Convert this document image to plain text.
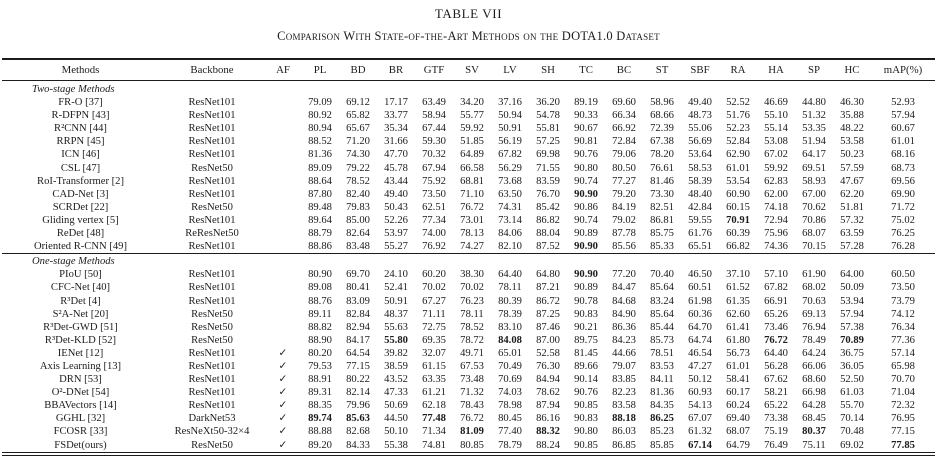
TABLE VII
Comparison With State-of-the-Art Methods on the DOTA1.0 Dataset
Methods	Backbone	AF	PL	BD	BR	GTF	SV	LV	SH	TC	BC	ST	SBF	RA	HA	SP	HC	mAP(%)
Two-stage Methods																		
FR-O [37]	ResNet101		79.09	69.12	17.17	63.49	34.20	37.16	36.20	89.19	69.60	58.96	49.40	52.52	46.69	44.80	46.30	52.93
R-DFPN [43]	ResNet101		80.92	65.82	33.77	58.94	55.77	50.94	54.78	90.33	66.34	68.66	48.73	51.76	55.10	51.32	35.88	57.94
R²CNN [44]	ResNet101		80.94	65.67	35.34	67.44	59.92	50.91	55.81	90.67	66.92	72.39	55.06	52.23	55.14	53.35	48.22	60.67
RRPN [45]	ResNet101		88.52	71.20	31.66	59.30	51.85	56.19	57.25	90.81	72.84	67.38	56.69	52.84	53.08	51.94	53.58	61.01
ICN [46]	ResNet101		81.36	74.30	47.70	70.32	64.89	67.82	69.98	90.76	79.06	78.20	53.64	62.90	67.02	64.17	50.23	68.16
CSL [47]	ResNet50		89.09	79.22	45.78	67.94	66.58	56.29	71.55	90.80	80.50	76.61	58.53	61.01	59.92	69.51	57.59	68.73
RoI-Transformer [2]	ResNet101		88.64	78.52	43.44	75.92	68.81	73.68	83.59	90.74	77.27	81.46	58.39	53.54	62.83	58.93	47.67	69.56
CAD-Net [3]	ResNet101		87.80	82.40	49.40	73.50	71.10	63.50	76.70	90.90	79.20	73.30	48.40	60.90	62.00	67.00	62.20	69.90
SCRDet [22]	ResNet50		89.48	79.83	50.43	62.51	76.72	74.31	85.42	90.86	84.19	82.51	42.84	60.15	74.18	70.62	51.81	71.72
Gliding vertex [5]	ResNet101		89.64	85.00	52.26	77.34	73.01	73.14	86.82	90.74	79.02	86.81	59.55	70.91	72.94	70.86	57.32	75.02
ReDet [48]	ReResNet50		88.79	82.64	53.97	74.00	78.13	84.06	88.04	90.89	87.78	85.75	61.76	60.39	75.96	68.07	63.59	76.25
Oriented R-CNN [49]	ResNet101		88.86	83.48	55.27	76.92	74.27	82.10	87.52	90.90	85.56	85.33	65.51	66.82	74.36	70.15	57.28	76.28
One-stage Methods																		
PIoU [50]	ResNet101		80.90	69.70	24.10	60.20	38.30	64.40	64.80	90.90	77.20	70.40	46.50	37.10	57.10	61.90	64.00	60.50
CFC-Net [40]	ResNet101		89.08	80.41	52.41	70.02	70.02	78.11	87.21	90.89	84.47	85.64	60.51	61.52	67.82	68.02	50.09	73.50
R³Det [4]	ResNet101		88.76	83.09	50.91	67.27	76.23	80.39	86.72	90.78	84.68	83.24	61.98	61.35	66.91	70.63	53.94	73.79
S²A-Net [20]	ResNet50		89.11	82.84	48.37	71.11	78.11	78.39	87.25	90.83	84.90	85.64	60.36	62.60	65.26	69.13	57.94	74.12
R³Det-GWD [51]	ResNet50		88.82	82.94	55.63	72.75	78.52	83.10	87.46	90.21	86.36	85.44	64.70	61.41	73.46	76.94	57.38	76.34
R³Det-KLD [52]	ResNet50		88.90	84.17	55.80	69.35	78.72	84.08	87.00	89.75	84.23	85.73	64.74	61.80	76.72	78.49	70.89	77.36
IENet [12]	ResNet101	✓	80.20	64.54	39.82	32.07	49.71	65.01	52.58	81.45	44.66	78.51	46.54	56.73	64.40	64.24	36.75	57.14
Axis Learning [13]	ResNet101	✓	79.53	77.15	38.59	61.15	67.53	70.49	76.30	89.66	79.07	83.53	47.27	61.01	56.28	66.06	36.05	65.98
DRN [53]	ResNet101	✓	88.91	80.22	43.52	63.35	73.48	70.69	84.94	90.14	83.85	84.11	50.12	58.41	67.62	68.60	52.50	70.70
O²-DNet [54]	ResNet101	✓	89.31	82.14	47.33	61.21	71.32	74.03	78.62	90.76	82.23	81.36	60.93	60.17	58.21	66.98	61.03	71.04
BBAVectors [14]	ResNet101	✓	88.35	79.96	50.69	62.18	78.43	78.98	87.94	90.85	83.58	84.35	54.13	60.24	65.22	64.28	55.70	72.32
GGHL [32]	DarkNet53	✓	89.74	85.63	44.50	77.48	76.72	80.45	86.16	90.83	88.18	86.25	67.07	69.40	73.38	68.45	70.14	76.95
FCOSR [33]	ResNeXt50-32×4	✓	88.88	82.68	50.10	71.34	81.09	77.40	88.32	90.80	86.03	85.23	61.32	68.07	75.19	80.37	70.48	77.15
FSDet(ours)	ResNet50	✓	89.20	84.33	55.38	74.81	80.85	78.79	88.24	90.85	86.85	85.85	67.14	64.79	76.49	75.11	69.02	77.85
